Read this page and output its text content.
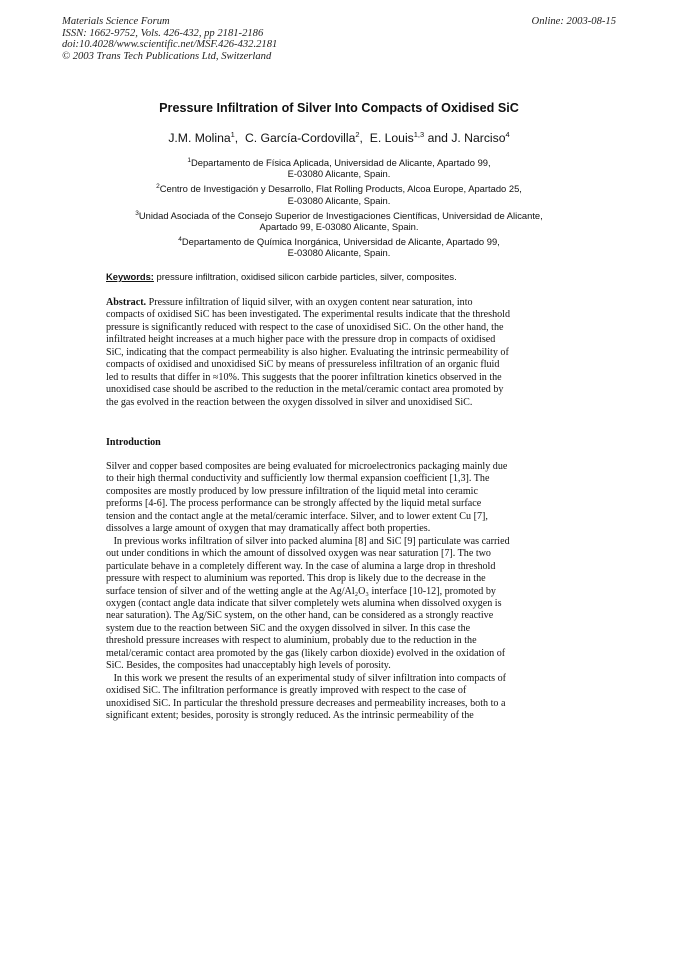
Materials Science Forum
ISSN: 1662-9752, Vols. 426-432, pp 2181-2186
doi:10.4028/www.scientific.net/MSF.426-432.2181
© 2003 Trans Tech Publications Ltd, Switzerland
Online: 2003-08-15
Pressure Infiltration of Silver Into Compacts of Oxidised SiC
J.M. Molina$^1$,  C. García-Cordovilla$^2$,  E. Louis$^{1,3}$ and J. Narciso$^4$
$^1$Departamento de Física Aplicada, Universidad de Alicante, Apartado 99,
E-03080 Alicante, Spain.
$^2$Centro de Investigación y Desarrollo, Flat Rolling Products, Alcoa Europe, Apartado 25,
E-03080 Alicante, Spain.
$^3$Unidad Asociada of the Consejo Superior de Investigaciones Científicas, Universidad de Alicante,
Apartado 99, E-03080 Alicante, Spain.
$^4$Departamento de Química Inorgánica, Universidad de Alicante, Apartado 99,
E-03080 Alicante, Spain.
Keywords: pressure infiltration, oxidised silicon carbide particles, silver, composites.
Abstract. Pressure infiltration of liquid silver, with an oxygen content near saturation, into
compacts of oxidised SiC has been investigated. The experimental results indicate that the threshold
pressure is significantly reduced with respect to the case of unoxidised SiC. On the other hand, the
infiltrated height increases at a much higher pace with the pressure drop in compacts of oxidised
SiC, indicating that the compact permeability is also higher. Evaluating the intrinsic permeability of
compacts of oxidised and unoxidised SiC by means of pressureless infiltration of an organic fluid
led to results that differ in ≈10%. This suggests that the poorer infiltration kinetics observed in the
unoxidised case should be ascribed to the reduction in the metal/ceramic contact area promoted by
the gas evolved in the reaction between the oxygen dissolved in silver and unoxidised SiC.
Introduction
Silver and copper based composites are being evaluated for microelectronics packaging mainly due
to their high thermal conductivity and sufficiently low thermal expansion coefficient [1,3]. The
composites are mostly produced by low pressure infiltration of the liquid metal into ceramic
preforms [4-6]. The process performance can be strongly affected by the liquid metal surface
tension and the contact angle at the metal/ceramic interface. Silver, and to lower extent Cu [7],
dissolves a large amount of oxygen that may dramatically affect both properties.
In previous works infiltration of silver into packed alumina [8] and SiC [9] particulate was carried
out under conditions in which the amount of dissolved oxygen was near saturation [7]. The two
particulate behave in a completely different way. In the case of alumina a large drop in threshold
pressure with respect to aluminium was reported. This drop is likely due to the decrease in the
surface tension of silver and of the wetting angle at the Ag/Al₂O₃ interface [10-12], promoted by
oxygen (contact angle data indicate that silver completely wets alumina when dissolved oxygen is
near saturation). The Ag/SiC system, on the other hand, can be considered as a strongly reactive
system due to the reaction between SiC and the oxygen dissolved in silver. In this case the
threshold pressure increases with respect to aluminium, probably due to the reduction in the
metal/ceramic contact area promoted by the gas (likely carbon dioxide) evolved in the oxidation of
SiC. Besides, the composites had unacceptably high levels of porosity.
In this work we present the results of an experimental study of silver infiltration into compacts of
oxidised SiC. The infiltration performance is greatly improved with respect to the case of
unoxidised SiC. In particular the threshold pressure decreases and permeability increases, both to a
significant extent; besides, porosity is strongly reduced. As the intrinsic permeability of the
